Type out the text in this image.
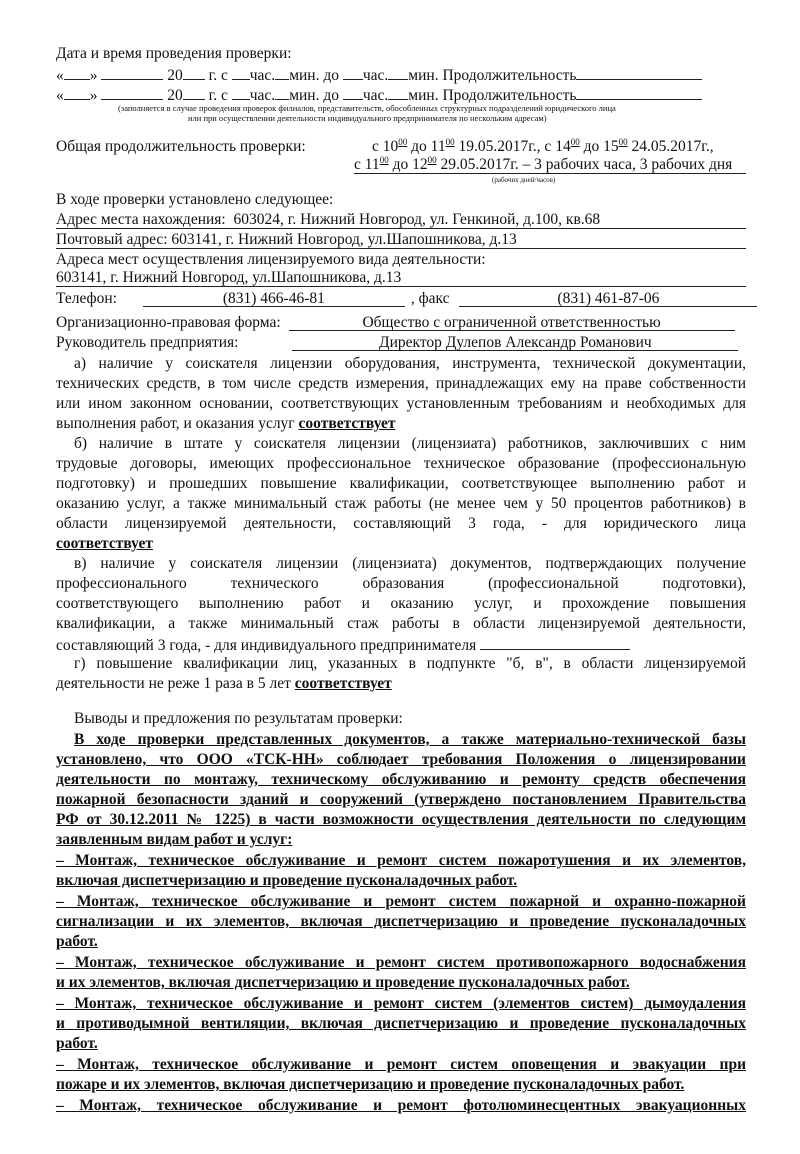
Дата и время проведения проверки:
« »	20 г. с час. мин. до час. мин. Продолжительность
« »	20 г. с час. мин. до час. мин. Продолжительность
(заполняется в случае проведения проверок филиалов, представительств, обособленных структурных подразделений юридического лица
или при осуществлении деятельности индивидуального предпринимателя по нескольким адресам)
Общая продолжительность проверки:	с $10^{00}$ до $11^{00}$ 19.05.2017г., с $14^{00}$ до $15^{00}$ 24.05.2017г.,
с $11^{00}$ до $12^{00}$ 29.05.2017г. – 3 рабочих часа, 3 рабочих дня
(рабочих дней/часов)
В ходе проверки установлено следующее:
Адрес места нахождения: 603024, г. Нижний Новгород, ул. Генкиной, д.100, кв.68
Почтовый адрес: 603141, г. Нижний Новгород, ул.Шапошникова, д.13
Адреса мест осуществления лицензируемого вида деятельности:
603141, г. Нижний Новгород, ул.Шапошникова, д.13
Телефон:	(831) 466-46-81	, факс	(831) 461-87-06
Организационно-правовая форма:	Общество с ограниченной ответственностью
Руководитель предприятия:	Директор Дулепов Александр Романович
а) наличие у соискателя лицензии оборудования, инструмента, технической документации,
технических средств, в том числе средств измерения, принадлежащих ему на праве собственности
или ином законном основании, соответствующих установленным требованиям и необходимых для
выполнения работ, и оказания услуг соответствует
б) наличие в штате у соискателя лицензии (лицензиата) работников, заключивших с ним
трудовые договоры, имеющих профессиональное техническое образование (профессиональную
подготовку) и прошедших повышение квалификации, соответствующее выполнению работ и
оказанию услуг, а также минимальный стаж работы (не менее чем у 50 процентов работников) в
области лицензируемой деятельности, составляющий 3 года, - для юридического лица
соответствует
в) наличие у соискателя лицензии (лицензиата) документов, подтверждающих получение
профессионального технического образования (профессиональной подготовки),
соответствующего выполнению работ и оказанию услуг, и прохождение повышения
квалификации, а также минимальный стаж работы в области лицензируемой деятельности,
составляющий 3 года, - для индивидуального предпринимателя
г) повышение квалификации лиц, указанных в подпункте "б, в", в области лицензируемой
деятельности не реже 1 раза в 5 лет соответствует
Выводы и предложения по результатам проверки:
В ходе проверки представленных документов, а также материально-технической базы
установлено, что ООО «ТСК-НН» соблюдает требования Положения о лицензировании
деятельности по монтажу, техническому обслуживанию и ремонту средств обеспечения
пожарной безопасности зданий и сооружений (утверждено постановлением Правительства
РФ от 30.12.2011 № 1225) в части возможности осуществления деятельности по следующим
заявленным видам работ и услуг:
– Монтаж, техническое обслуживание и ремонт систем пожаротушения и их элементов,
включая диспетчеризацию и проведение пусконаладочных работ.
– Монтаж, техническое обслуживание и ремонт систем пожарной и охранно-пожарной
сигнализации и их элементов, включая диспетчеризацию и проведение пусконаладочных
работ.
– Монтаж, техническое обслуживание и ремонт систем противопожарного водоснабжения
и их элементов, включая диспетчеризацию и проведение пусконаладочных работ.
– Монтаж, техническое обслуживание и ремонт систем (элементов систем) дымоудаления
и противодымной вентиляции, включая диспетчеризацию и проведение пусконаладочных
работ.
– Монтаж, техническое обслуживание и ремонт систем оповещения и эвакуации при
пожаре и их элементов, включая диспетчеризацию и проведение пусконаладочных работ.
– Монтаж, техническое обслуживание и ремонт фотолюминесцентных эвакуационных
